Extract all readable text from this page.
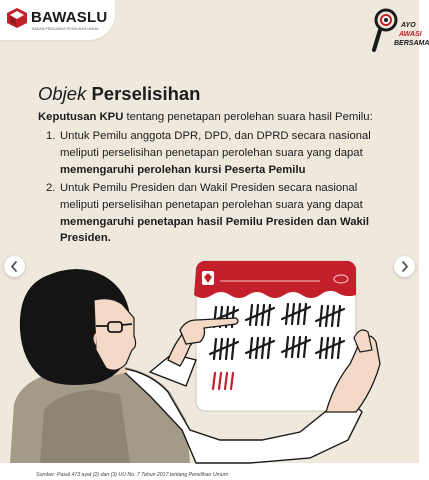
BAWASLU
BADAN PENGAWAS PEMILIHAN UMUM	AYO
AWASI
BERSAMA
Objek Perselisihan
Keputusan KPU tentang penetapan perolehan suara hasil Pemilu:
1. Untuk Pemilu anggota DPR, DPD, dan DPRD secara nasional
meliputi perselisihan penetapan perolehan suara yang dapat
memengaruhi perolehan kursi Peserta Pemilu
2. Untuk Pemilu Presiden dan Wakil Presiden secara nasional
meliputi perselisihan penetapan perolehan suara yang dapat
memengaruhi penetapan hasil Pemilu Presiden dan Wakil
Presiden.
Sumber: Pasal 473 ayat (2) dan (3) UU No. 7 Tahun 2017 tentang Pemilihan Umum
